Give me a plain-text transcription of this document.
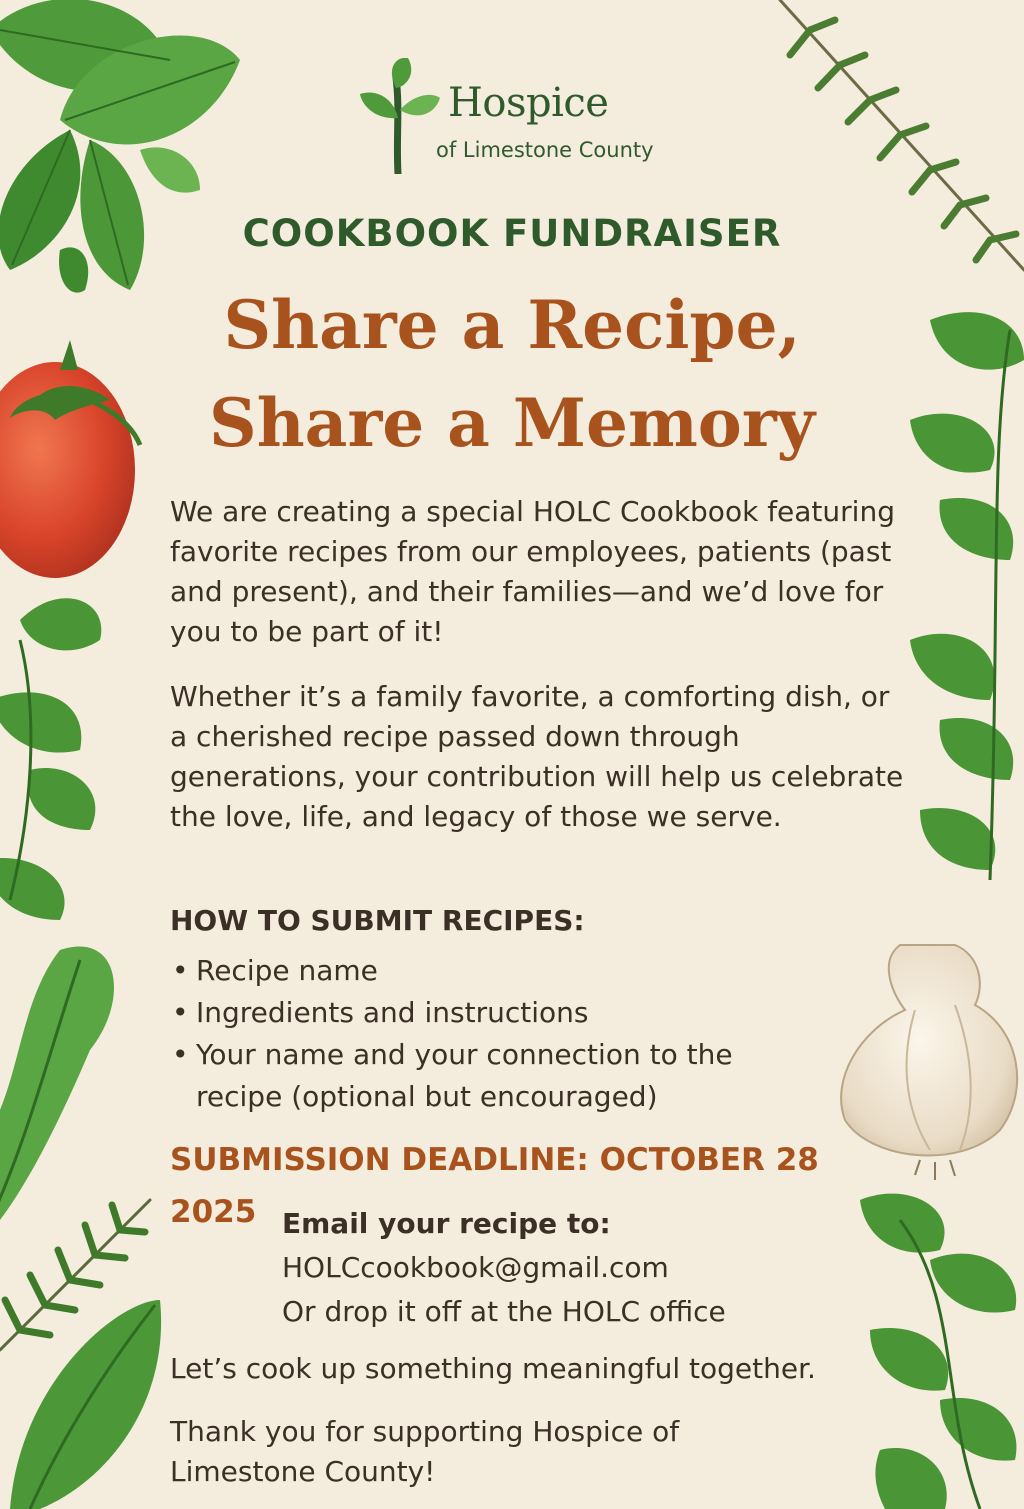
Hospice
of Limestone County
COOKBOOK FUNDRAISER
Share a Recipe,
Share a Memory
We are creating a special HOLC Cookbook featuring favorite recipes from our employees, patients (past and present), and their families—and we’d love for you to be part of it!
Whether it’s a family favorite, a comforting dish, or a cherished recipe passed down through generations, your contribution will help us celebrate the love, life, and legacy of those we serve.
HOW TO SUBMIT RECIPES:
• Recipe name
• Ingredients and instructions
• Your name and your connection to the recipe (optional but encouraged)
SUBMISSION DEADLINE: OCTOBER 28
2025 Email your recipe to:
HOLCcookbook@gmail.com
Or drop it off at the HOLC office
Let’s cook up something meaningful together.
Thank you for supporting Hospice of Limestone County!
